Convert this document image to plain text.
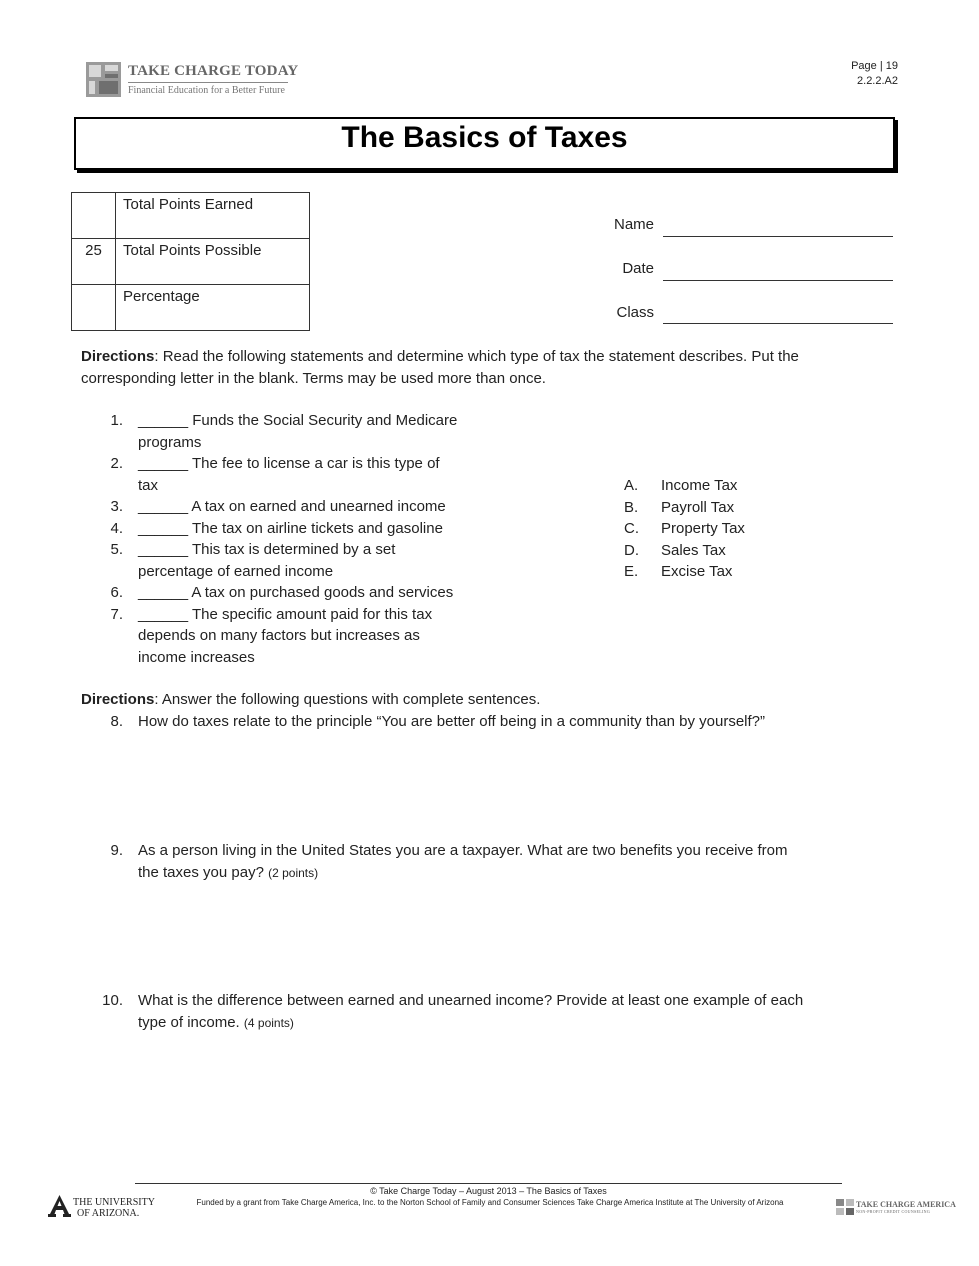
TAKE CHARGE TODAY
Financial Education for a Better Future
Page | 19
2.2.2.A2
The Basics of Taxes
	Total Points Earned
25	Total Points Possible
	Percentage
Name
Date
Class
Directions: Read the following statements and determine which type of tax the statement describes. Put the
corresponding letter in the blank. Terms may be used more than once.
1. ______ Funds the Social Security and Medicare
programs
2. ______ The fee to license a car is this type of
tax
3. ______ A tax on earned and unearned income
4. ______ The tax on airline tickets and gasoline
5. ______ This tax is determined by a set
percentage of earned income
6. ______ A tax on purchased goods and services
7. ______ The specific amount paid for this tax
depends on many factors but increases as
income increases
A.	Income Tax
B.	Payroll Tax
C.	Property Tax
D.	Sales Tax
E.	Excise Tax
Directions: Answer the following questions with complete sentences.
8. How do taxes relate to the principle “You are better off being in a community than by yourself?”
9. As a person living in the United States you are a taxpayer. What are two benefits you receive from
the taxes you pay? (2 points)
10. What is the difference between earned and unearned income? Provide at least one example of each
type of income. (4 points)
© Take Charge Today – August 2013 – The Basics of Taxes
Funded by a grant from Take Charge America, Inc. to the Norton School of Family and Consumer Sciences Take Charge America Institute at The University of Arizona
THE UNIVERSITY
OF ARIZONA.
TAKE CHARGE AMERICA
NON-PROFIT CREDIT COUNSELING
